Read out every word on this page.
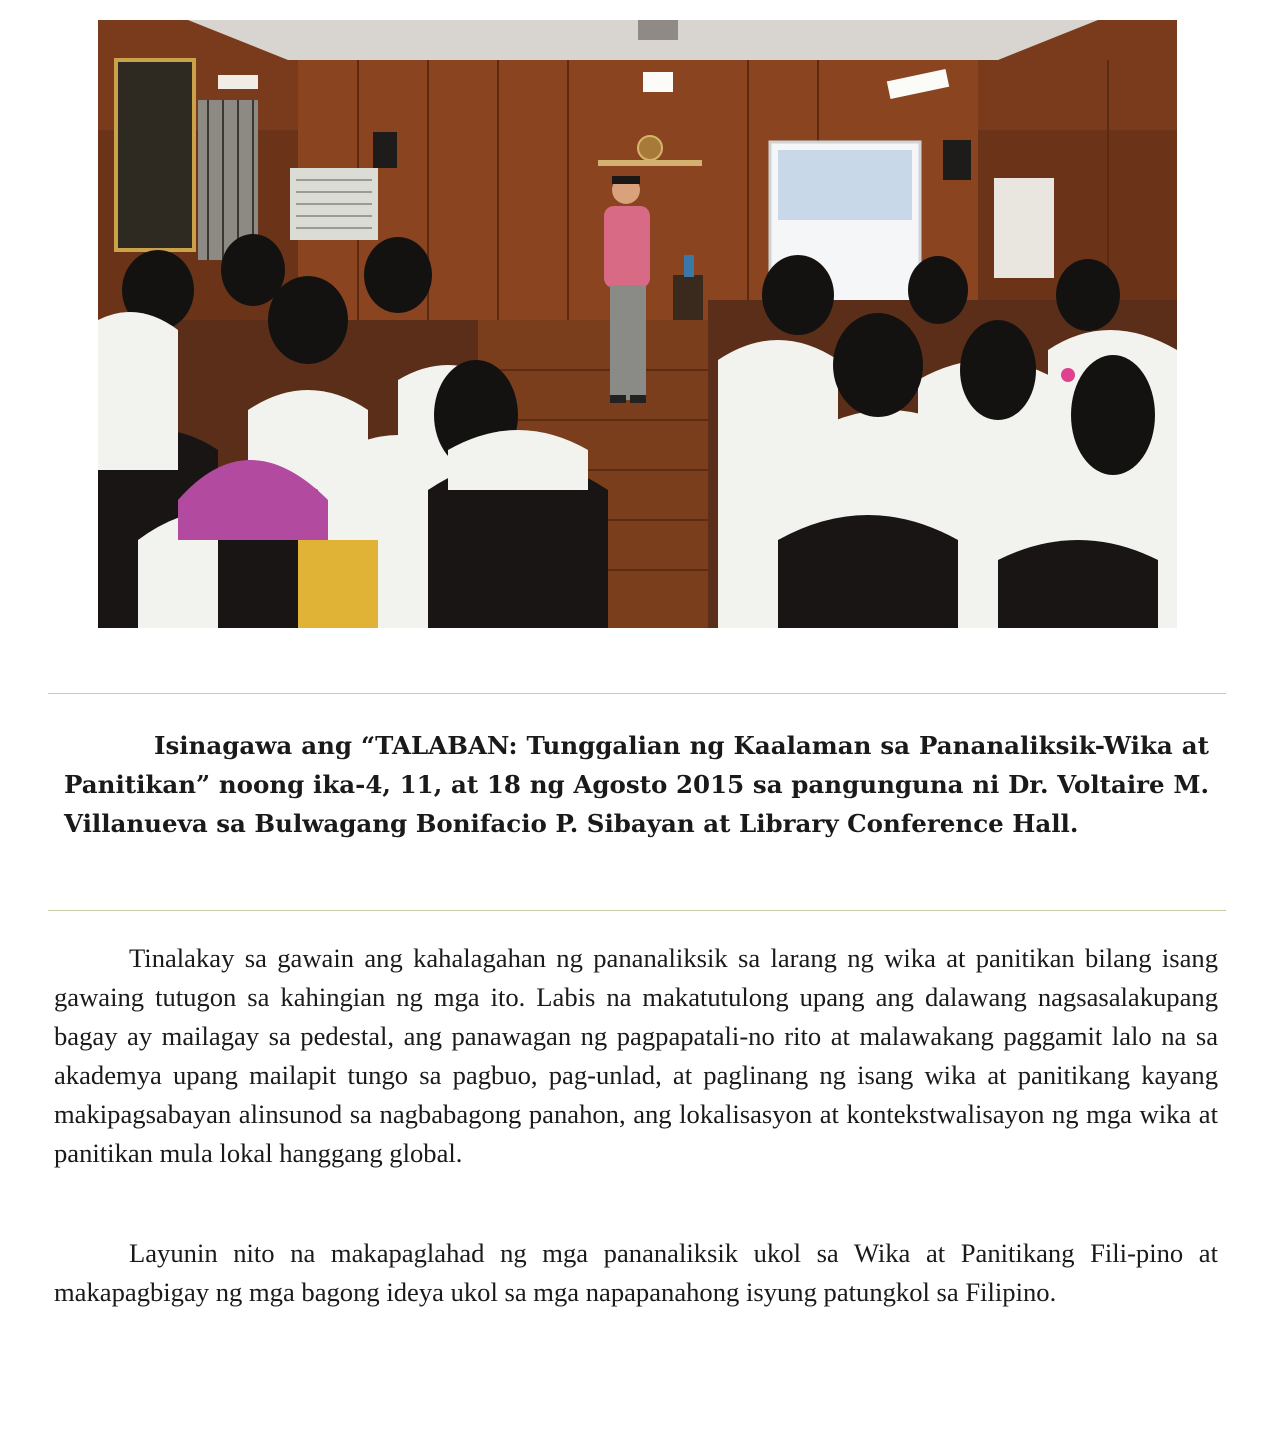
Isinagawa ang “TALABAN: Tunggalian ng Kaalaman sa Pananaliksik-Wika at Panitikan” noong ika-4, 11, at 18 ng Agosto 2015 sa pangunguna ni Dr. Voltaire M. Villanueva sa Bulwagang Bonifacio P. Sibayan at Library Conference Hall.

Tinalakay sa gawain ang kahalagahan ng pananaliksik sa larang ng wika at panitikan bilang isang gawaing tutugon sa kahingian ng mga ito. Labis na makatutulong upang ang dalawang nagsasalakupang bagay ay mailagay sa pedestal, ang panawagan ng pagpapatali-no rito at malawakang paggamit lalo na sa akademya upang mailapit tungo sa pagbuo, pag-unlad, at paglinang ng isang wika at panitikang kayang makipagsabayan alinsunod sa nagbabagong panahon, ang lokalisasyon at kontekstwalisayon ng mga wika at panitikan mula lokal hanggang global.

Layunin nito na makapaglahad ng mga pananaliksik ukol sa Wika at Panitikang Fili-pino at makapagbigay ng mga bagong ideya ukol sa mga napapanahong isyung patungkol sa Filipino.
